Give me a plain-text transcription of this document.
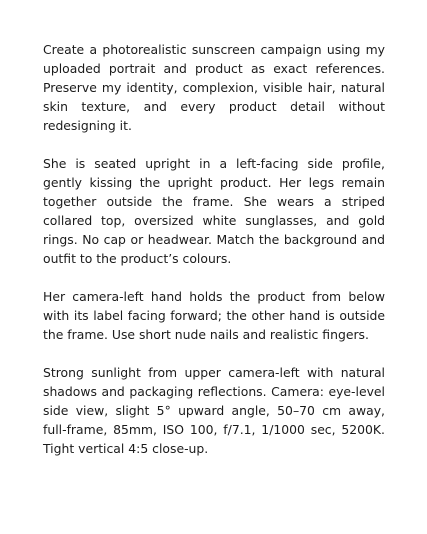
Create a photorealistic sunscreen campaign using my uploaded portrait and product as exact references. Preserve my identity, complexion, visible hair, natural skin texture, and every product detail without redesigning it.

She is seated upright in a left-facing side profile, gently kissing the upright product. Her legs remain together outside the frame. She wears a striped collared top, oversized white sunglasses, and gold rings. No cap or headwear. Match the background and outfit to the product’s colours.

Her camera-left hand holds the product from below with its label facing forward; the other hand is outside the frame. Use short nude nails and realistic fingers.

Strong sunlight from upper camera-left with natural shadows and packaging reflections. Camera: eye-level side view, slight 5° upward angle, 50–70 cm away, full-frame, 85mm, ISO 100, f/7.1, 1/1000 sec, 5200K. Tight vertical 4:5 close-up.
